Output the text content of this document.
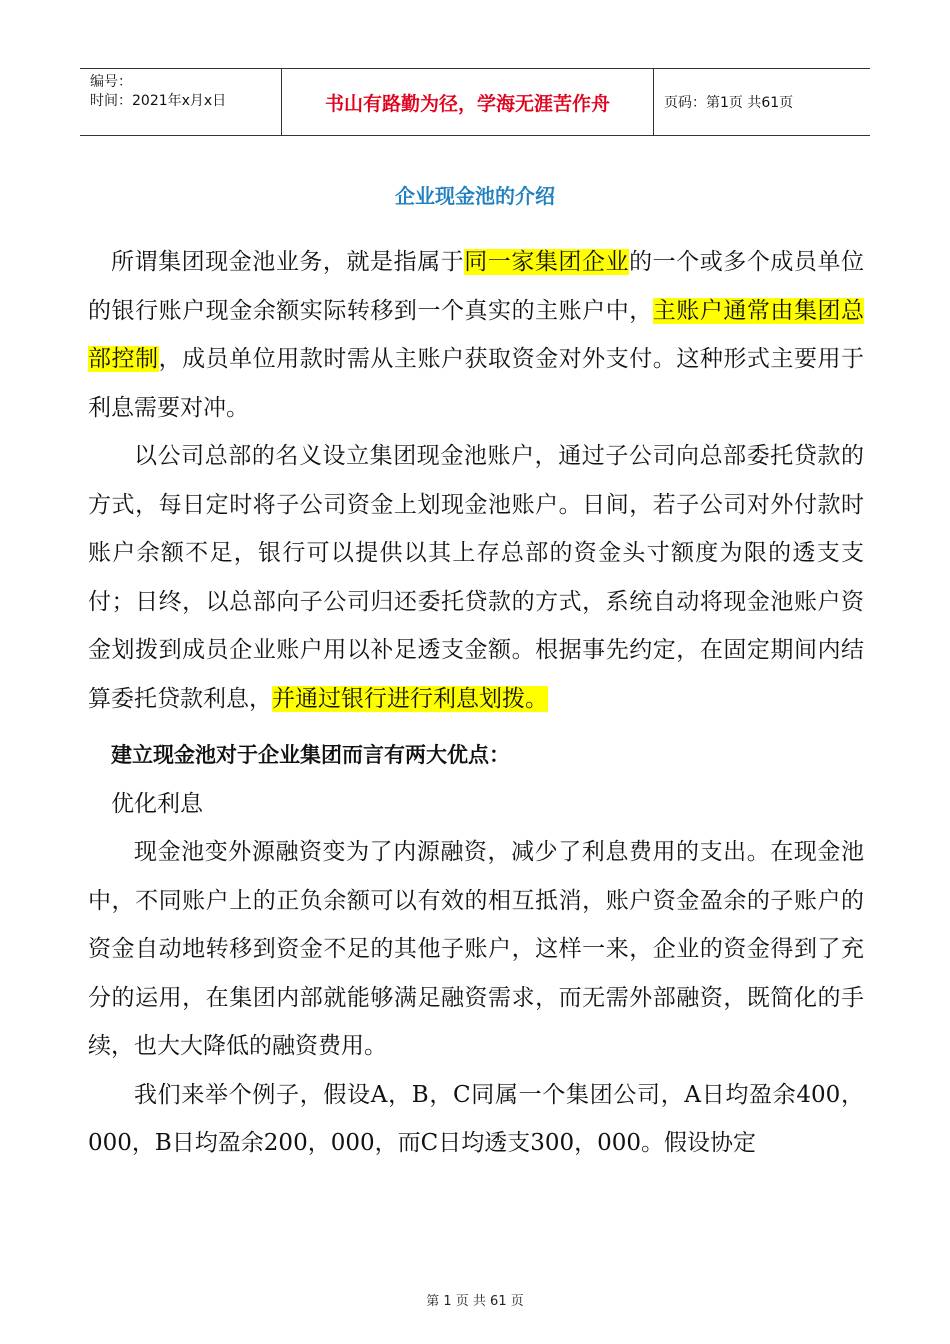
编号：
时间：2021年x月x日	书山有路勤为径，学海无涯苦作舟	页码：第1页 共61页
企业现金池的介绍

所谓集团现金池业务，就是指属于同一家集团企业的一个或多个成员单位的银行账户现金余额实际转移到一个真实的主账户中，主账户通常由集团总部控制，成员单位用款时需从主账户获取资金对外支付。这种形式主要用于利息需要对冲。

以公司总部的名义设立集团现金池账户，通过子公司向总部委托贷款的方式，每日定时将子公司资金上划现金池账户。日间，若子公司对外付款时账户余额不足，银行可以提供以其上存总部的资金头寸额度为限的透支支付；日终，以总部向子公司归还委托贷款的方式，系统自动将现金池账户资金划拨到成员企业账户用以补足透支金额。根据事先约定，在固定期间内结算委托贷款利息，并通过银行进行利息划拨。

建立现金池对于企业集团而言有两大优点：

优化利息

现金池变外源融资变为了内源融资，减少了利息费用的支出。在现金池中，不同账户上的正负余额可以有效的相互抵消，账户资金盈余的子账户的资金自动地转移到资金不足的其他子账户，这样一来，企业的资金得到了充分的运用，在集团内部就能够满足融资需求，而无需外部融资，既简化的手续，也大大降低的融资费用。

我们来举个例子，假设A，B，C同属一个集团公司，A日均盈余400，000，B日均盈余200，000，而C日均透支300，000。假设协定

第 1 页 共 61 页
